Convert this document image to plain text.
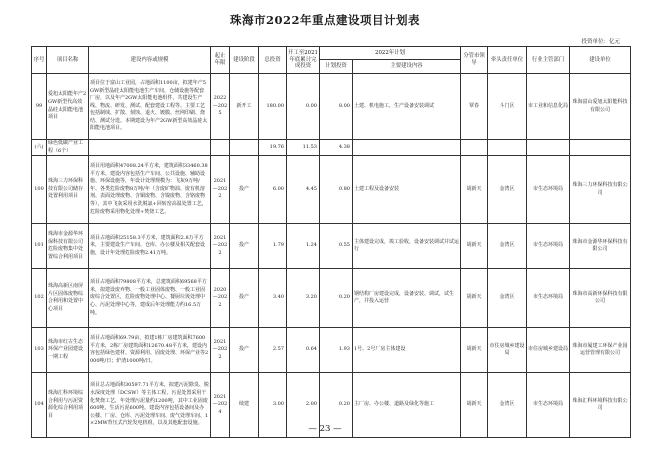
珠海市2022年重点建设项目计划表
投资单位：亿元
序号	项目名称	建设内容或规模	起止年限	建设阶段	总投资	开工至2021年底累计完成投资	2022年计划		分管市领导	牵头责任单位	行业主管部门	建设单位
							计划投资	主要建设内容				
99	爱旭太阳能年产2GW新型代高效晶硅太阳能电池项目	项目位于富山工业园，占地面积1100亩，拟建年产5GW新型晶硅太阳能电池生产车间，仓储设施等配套厂房，以及年产2GW太阳能电池组件，共建设生产线、物流、研发、测试、配套建设工程等。主要工艺包括制绒、扩散、刻蚀、退火、镀膜、丝网印刷、烧结、测试分选。本期建设为年产2GW新型高效晶硅太阳能电池项目。	2022—2025	新开工	180.00	0.00	8.00	土建、机电施工，生产设备安装调试	覃春	斗门区	市工业和信息化局	珠海富山爱旭太阳能科技有限公司
(六)	绿色低碳产业工程（6个）				19.76	11.53	4.38					
100	珠海三力环保科技有限公司储存处置利用项目	项目用地面积47008.24平方米，建筑面积33460.38平方米，建设内容包括生产车间、公共设施、辅助设施、环保设施等，年设计处理规模为：飞灰9万吨/年、各类危险废物8万吨/年（含废矿物油、废有机溶剂、表面处理废物、含铜废物、含镍废物、含铬废物等），其中飞灰采用水洗脱氯+回转窑高温处置工艺，危险废物采用物化处理+焚烧工艺。	2021—2022	投产	6.00	4.45	0.80	土建工程及设备安装	胡新天	金湾区	市生态环境局	珠海三力环保科技有限公司
101	珠海市金源华环保科技有限公司危险废物集中处置综合利用项目	项目占地面积25158.3平方米，建筑面积2.8万平方米，主要建设生产车间、仓库、办公楼及相关配套设施，设计年处理危险废物2.41万吨。	2021—2022	投产	1.79	1.24	0.55	主体建设完成，竣工验收，设备安装调试并试运行	胡新天	金湾区	市生态环境局	珠海市金源华环保科技有限公司
102	珠海高新区南屏片区固体废物综合利用和处置中心项目	项目占地面积79808平方米，总建筑面积69568平方米，拟建设废弃物、一般工业固体废物、一般工业固废综合处置区，危险废物处理中心、餐厨垃圾处理中心、污泥处理中心等，建成后年处理能力约16.5万吨。	2020—2022	投产	3.40	3.20	0.20	钢结构厂房建设完成，设备安装、调试，试生产，并投入运营	胡新天	金湾区	市生态环境局	珠海市高新环保科技有限公司
103	珠海市红古生态环保产业园建设一期工程	项目占地面积69.79亩，拟建1栋厂房建筑面积7600平方米，2栋厂房建筑面积12670.48平方米，建设内容包括绿色建材、资源利用、固废处理、环保产业等2000吨/日；炉渣1000吨/日。	2021—2022	投产	2.57	0.64	1.93	1号、2号厂房主体建设	胡新天	市住房城乡建设局	市住房城乡建设局	珠海市厦建工环保产业园运营管理有限公司
104	珠海汇科环境综合利用与污泥资源化综合利用项目	项目总占地面积30597.71平方米，拟建污泥除臭、脱水深度处理（DCSW）等主体工程，污泥处置采用干化焚烧工艺，年处理污泥量约1200吨，其中工业固废600吨，生活污泥600吨。建设内容包括设备间及办公楼、厂房、仓库、污泥处理车间、废气处理车间、1×2MW背压式汽轮发电机组，以及其他配套设施。	2021—2024	续建	3.00	2.00	0.20	主厂房、办公楼、道路及绿化等施工	胡新天	金湾区	市生态环境局	珠海汇科环境科技有限公司
— 23 —
